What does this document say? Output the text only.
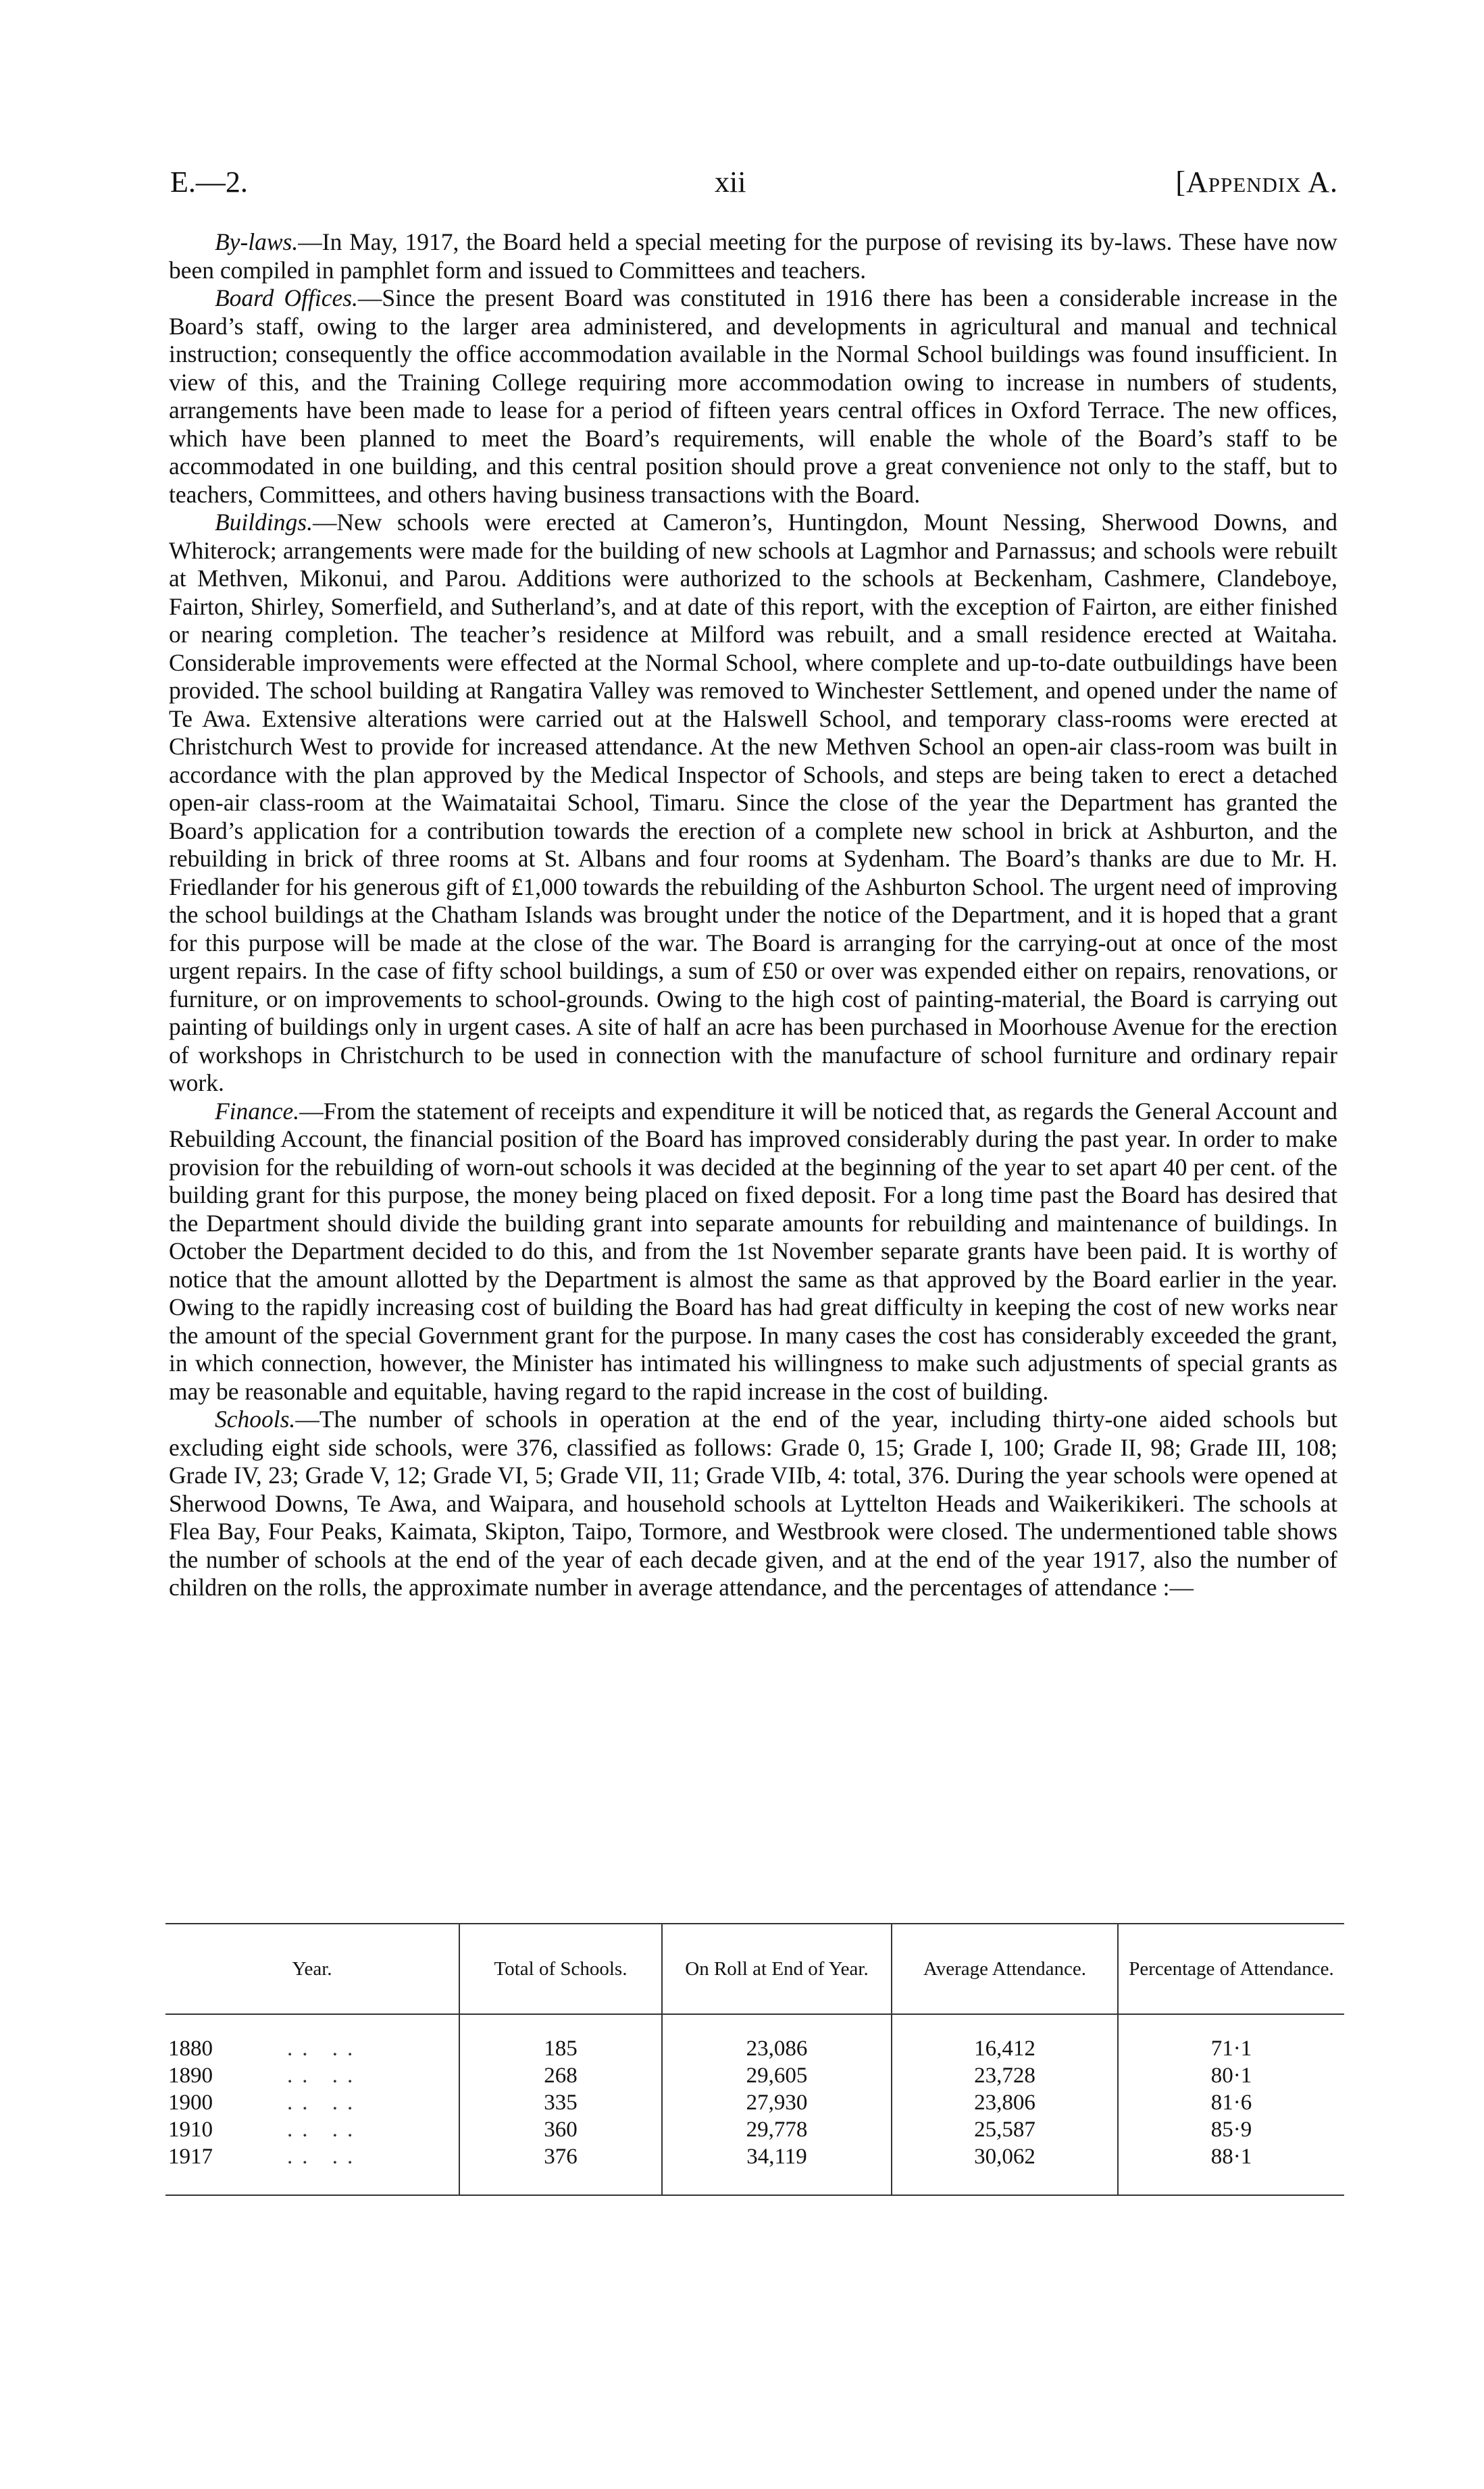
E.—2.	xii	[Appendix A.

By-laws.—In May, 1917, the Board held a special meeting for the purpose of revising its by-laws. These have now been compiled in pamphlet form and issued to Committees and teachers.

Board Offices.—Since the present Board was constituted in 1916 there has been a considerable increase in the Board’s staff, owing to the larger area administered, and developments in agricultural and manual and technical instruction; consequently the office accommodation available in the Normal School buildings was found insufficient. In view of this, and the Training College requiring more accommodation owing to increase in numbers of students, arrangements have been made to lease for a period of fifteen years central offices in Oxford Terrace. The new offices, which have been planned to meet the Board’s requirements, will enable the whole of the Board’s staff to be accommodated in one building, and this central position should prove a great convenience not only to the staff, but to teachers, Committees, and others having business transactions with the Board.

Buildings.—New schools were erected at Cameron’s, Huntingdon, Mount Nessing, Sherwood Downs, and Whiterock; arrangements were made for the building of new schools at Lagmhor and Parnassus; and schools were rebuilt at Methven, Mikonui, and Parou. Additions were authorized to the schools at Beckenham, Cashmere, Clandeboye, Fairton, Shirley, Somerfield, and Sutherland’s, and at date of this report, with the exception of Fairton, are either finished or nearing completion. The teacher’s residence at Milford was rebuilt, and a small residence erected at Waitaha. Considerable improvements were effected at the Normal School, where complete and up-to-date outbuildings have been provided. The school building at Rangatira Valley was removed to Winchester Settlement, and opened under the name of Te Awa. Extensive alterations were carried out at the Halswell School, and temporary class-rooms were erected at Christchurch West to provide for increased attendance. At the new Methven School an open-air class-room was built in accordance with the plan approved by the Medical Inspector of Schools, and steps are being taken to erect a detached open-air class-room at the Waimataitai School, Timaru. Since the close of the year the Department has granted the Board’s application for a contribution towards the erection of a complete new school in brick at Ashburton, and the rebuilding in brick of three rooms at St. Albans and four rooms at Sydenham. The Board’s thanks are due to Mr. H. Friedlander for his generous gift of £1,000 towards the rebuilding of the Ashburton School. The urgent need of improving the school buildings at the Chatham Islands was brought under the notice of the Department, and it is hoped that a grant for this purpose will be made at the close of the war. The Board is arranging for the carrying-out at once of the most urgent repairs. In the case of fifty school buildings, a sum of £50 or over was expended either on repairs, renovations, or furniture, or on improvements to school-grounds. Owing to the high cost of painting-material, the Board is carrying out painting of buildings only in urgent cases. A site of half an acre has been purchased in Moorhouse Avenue for the erection of workshops in Christchurch to be used in connection with the manufacture of school furniture and ordinary repair work.

Finance.—From the statement of receipts and expenditure it will be noticed that, as regards the General Account and Rebuilding Account, the financial position of the Board has improved considerably during the past year. In order to make provision for the rebuilding of worn-out schools it was decided at the beginning of the year to set apart 40 per cent. of the building grant for this purpose, the money being placed on fixed deposit. For a long time past the Board has desired that the Department should divide the building grant into separate amounts for rebuilding and maintenance of buildings. In October the Department decided to do this, and from the 1st November separate grants have been paid. It is worthy of notice that the amount allotted by the Department is almost the same as that approved by the Board earlier in the year. Owing to the rapidly increasing cost of building the Board has had great difficulty in keeping the cost of new works near the amount of the special Government grant for the purpose. In many cases the cost has considerably exceeded the grant, in which connection, however, the Minister has intimated his willingness to make such adjustments of special grants as may be reasonable and equitable, having regard to the rapid increase in the cost of building.

Schools.—The number of schools in operation at the end of the year, including thirty-one aided schools but excluding eight side schools, were 376, classified as follows: Grade 0, 15; Grade I, 100; Grade II, 98; Grade III, 108; Grade IV, 23; Grade V, 12; Grade VI, 5; Grade VII, 11; Grade VIIb, 4: total, 376. During the year schools were opened at Sherwood Downs, Te Awa, and Waipara, and household schools at Lyttelton Heads and Waikerikikeri. The schools at Flea Bay, Four Peaks, Kaimata, Skipton, Taipo, Tormore, and Westbrook were closed. The undermentioned table shows the number of schools at the end of the year of each decade given, and at the end of the year 1917, also the number of children on the rolls, the approximate number in average attendance, and the percentages of attendance :—

Year.	Total of Schools.	On Roll at End of Year.	Average Attendance.	Percentage of Attendance.
1880 .. ..	185	23,086	16,412	71·1
1890 .. ..	268	29,605	23,728	80·1
1900 .. ..	335	27,930	23,806	81·6
1910 .. ..	360	29,778	25,587	85·9
1917 .. ..	376	34,119	30,062	88·1
